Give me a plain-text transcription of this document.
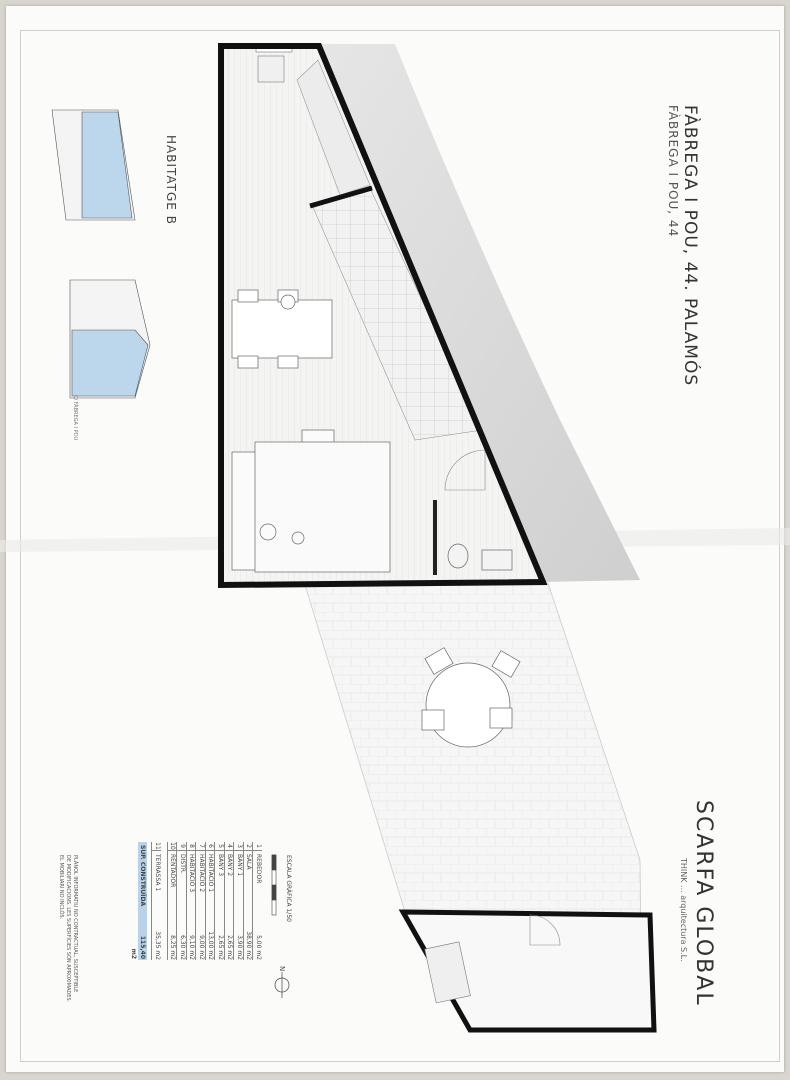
FÀBREGA I POU, 44. PALAMÓS
FÀBREGA I POU, 44
HABITATGE B
C/ FÀBREGA I POU
SCARFA GLOBAL
THINK ... arquitectura S.L.
ESCALA GRÀFICA 1/50
N
PLÀNOL INFORMATIU NO CONTRACTUAL, SUSCEPTIBLE
DE MODIFICACIONS. LES SUPERFÍCIES SÓN APROXIMADES.
EL MOBILIARI NO INCLÒS.
1
REBEDOR
5,00 m2
2
SALA
38,90 m2
3
BANY 1
3,90 m2
4
BANY 2
2,65 m2
5
BANY 3
2,65 m2
6
HABITACIÓ 1
13,00 m2
7
HABITACIÓ 2
9,00 m2
8
HABITACIÓ 3
9,10 m2
9
DISTR.
6,30 m2
10
RENTADOR
8,25 m2
11
TERRASSA 1
35,35 m2
SUP. CONSTRUÏDA
115,40 m2
